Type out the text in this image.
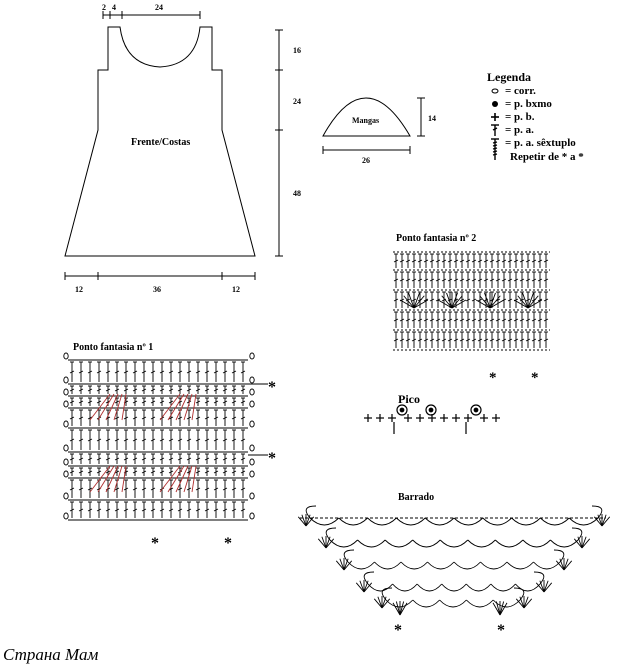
2 4	24
16
24
48
12	36	12
Frente/Costas
Mangas
26
14
Legenda
= corr.
= p. bxmo
= p. b.
= p. a.
= p. a. sêxtuplo
Repetir de * a *
Ponto fantasia nº 2
* *
Ponto fantasia nº 1
*
*
*	*
Pico
Barrado
*	*
Страна Мам
